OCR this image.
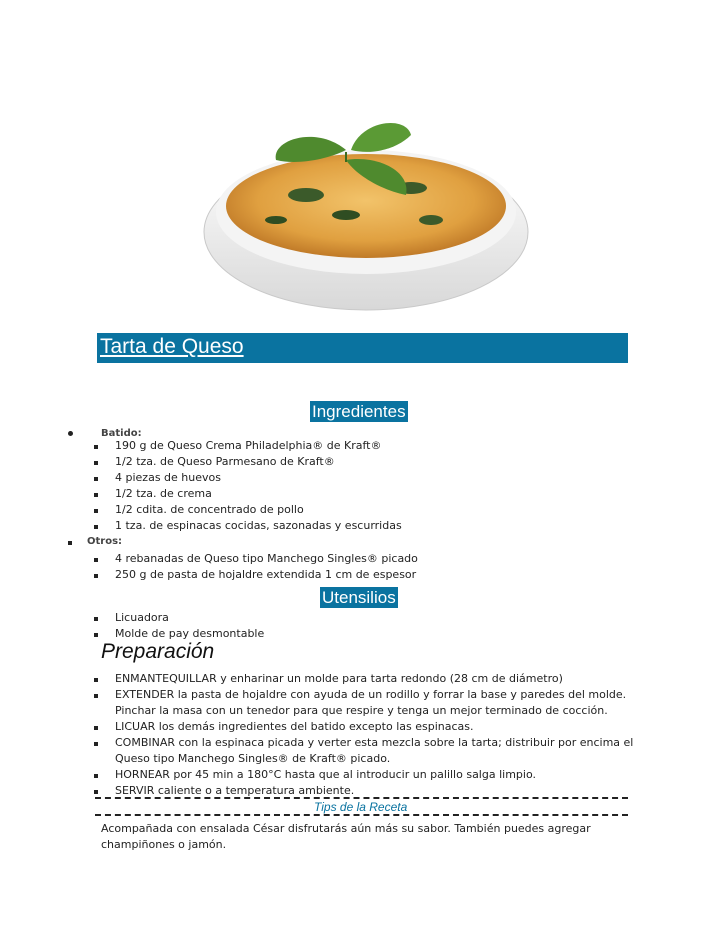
Tarta de Queso
Ingredientes
Batido:
190 g de Queso Crema Philadelphia® de Kraft®
1/2 tza. de Queso Parmesano de Kraft®
4 piezas de huevos
1/2 tza. de crema
1/2 cdita. de concentrado de pollo
1 tza. de espinacas cocidas, sazonadas y escurridas
Otros:
4 rebanadas de Queso tipo Manchego Singles® picado
250 g de pasta de hojaldre extendida 1 cm de espesor
Utensilios
Licuadora
Molde de pay desmontable
Preparación
ENMANTEQUILLAR y enharinar un molde para tarta redondo (28 cm de diámetro)
EXTENDER la pasta de hojaldre con ayuda de un rodillo y forrar la base y paredes del molde.
Pinchar la masa con un tenedor para que respire y tenga un mejor terminado de cocción.
LICUAR los demás ingredientes del batido excepto las espinacas.
COMBINAR con la espinaca picada y verter esta mezcla sobre la tarta; distribuir por encima el
Queso tipo Manchego Singles® de Kraft® picado.
HORNEAR por 45 min a 180°C hasta que al introducir un palillo salga limpio.
SERVIR caliente o a temperatura ambiente.
Tips de la Receta
Acompañada con ensalada César disfrutarás aún más su sabor. También puedes agregar
champiñones o jamón.
